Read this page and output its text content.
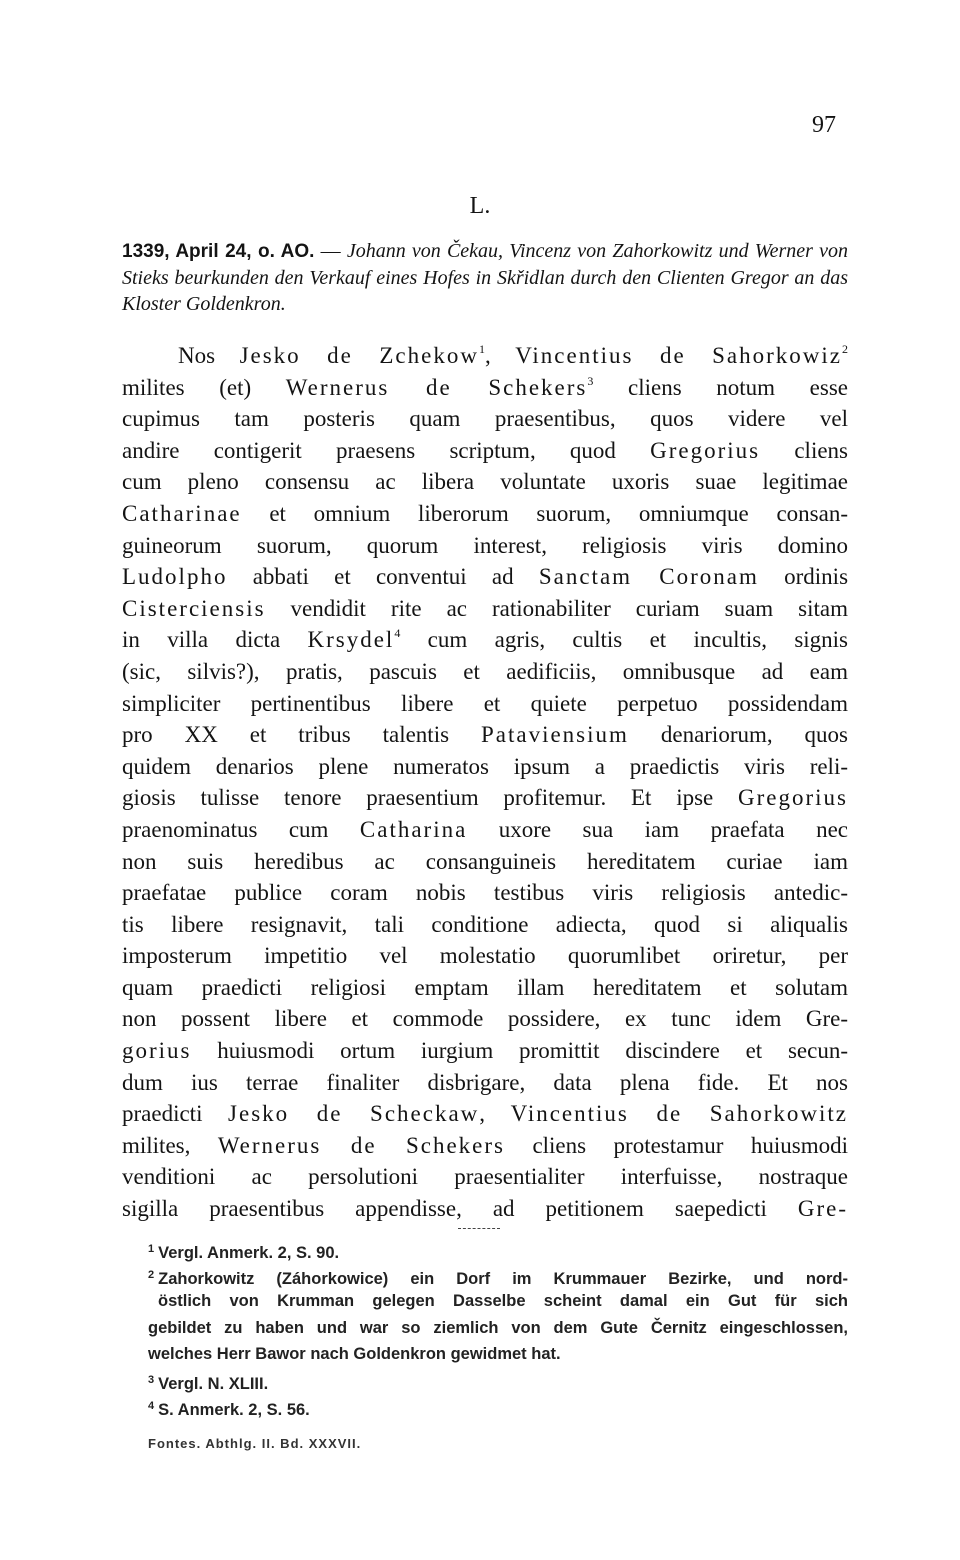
97
L.
1339, April 24, o. AO. — Johann von Čekau, Vincenz von Zahorkowitz und Werner von Stieks beurkunden den Verkauf eines Hofes in Skřidlan durch den Clienten Gregor an das Kloster Goldenkron.
Nos Jesko de Zchekow$^1$, Vincentius de Sahorkowiz$^2$
milites (et) Wernerus de Schekers$^3$ cliens notum esse
cupimus tam posteris quam praesentibus, quos videre vel
andire contigerit praesens scriptum, quod Gregorius cliens
cum pleno consensu ac libera voluntate uxoris suae legitimae
Catharinae et omnium liberorum suorum, omniumque consan-
guineorum suorum, quorum interest, religiosis viris domino
Ludolpho abbati et conventui ad Sanctam Coronam ordinis
Cisterciensis vendidit rite ac rationabiliter curiam suam sitam
in villa dicta Krsydel$^4$ cum agris, cultis et incultis, signis
(sic, silvis?), pratis, pascuis et aedificiis, omnibusque ad eam
simpliciter pertinentibus libere et quiete perpetuo possidendam
pro XX et tribus talentis Pataviensium denariorum, quos
quidem denarios plene numeratos ipsum a praedictis viris reli-
giosis tulisse tenore praesentium profitemur. Et ipse Gregorius
praenominatus cum Catharina uxore sua iam praefata nec
non suis heredibus ac consanguineis hereditatem curiae iam
praefatae publice coram nobis testibus viris religiosis antedic-
tis libere resignavit, tali conditione adiecta, quod si aliqualis
imposterum impetitio vel molestatio quorumlibet oriretur, per
quam praedicti religiosi emptam illam hereditatem et solutam
non possent libere et commode possidere, ex tunc idem Gre-
gorius huiusmodi ortum iurgium promittit discindere et secun-
dum ius terrae finaliter disbrigare, data plena fide. Et nos
praedicti Jesko de Scheckaw, Vincentius de Sahorkowitz
milites, Wernerus de Schekers cliens protestamur huiusmodi
venditioni ac persolutioni praesentialiter interfuisse, nostraque
sigilla praesentibus appendisse, ad petitionem saepedicti Gre-
$^1$ Vergl. Anmerk. 2, S. 90.
$^2$ Zahorkowitz (Záhorkowice) ein Dorf im Krummauer Bezirke, und nord-
östlich von Krumman gelegen Dasselbe scheint damal ein Gut für sich
gebildet zu haben und war so ziemlich von dem Gute Černitz eingeschlossen,
welches Herr Bawor nach Goldenkron gewidmet hat.
$^3$ Vergl. N. XLIII.
$^4$ S. Anmerk. 2, S. 56.
Fontes. Abthlg. II. Bd. XXXVII.
